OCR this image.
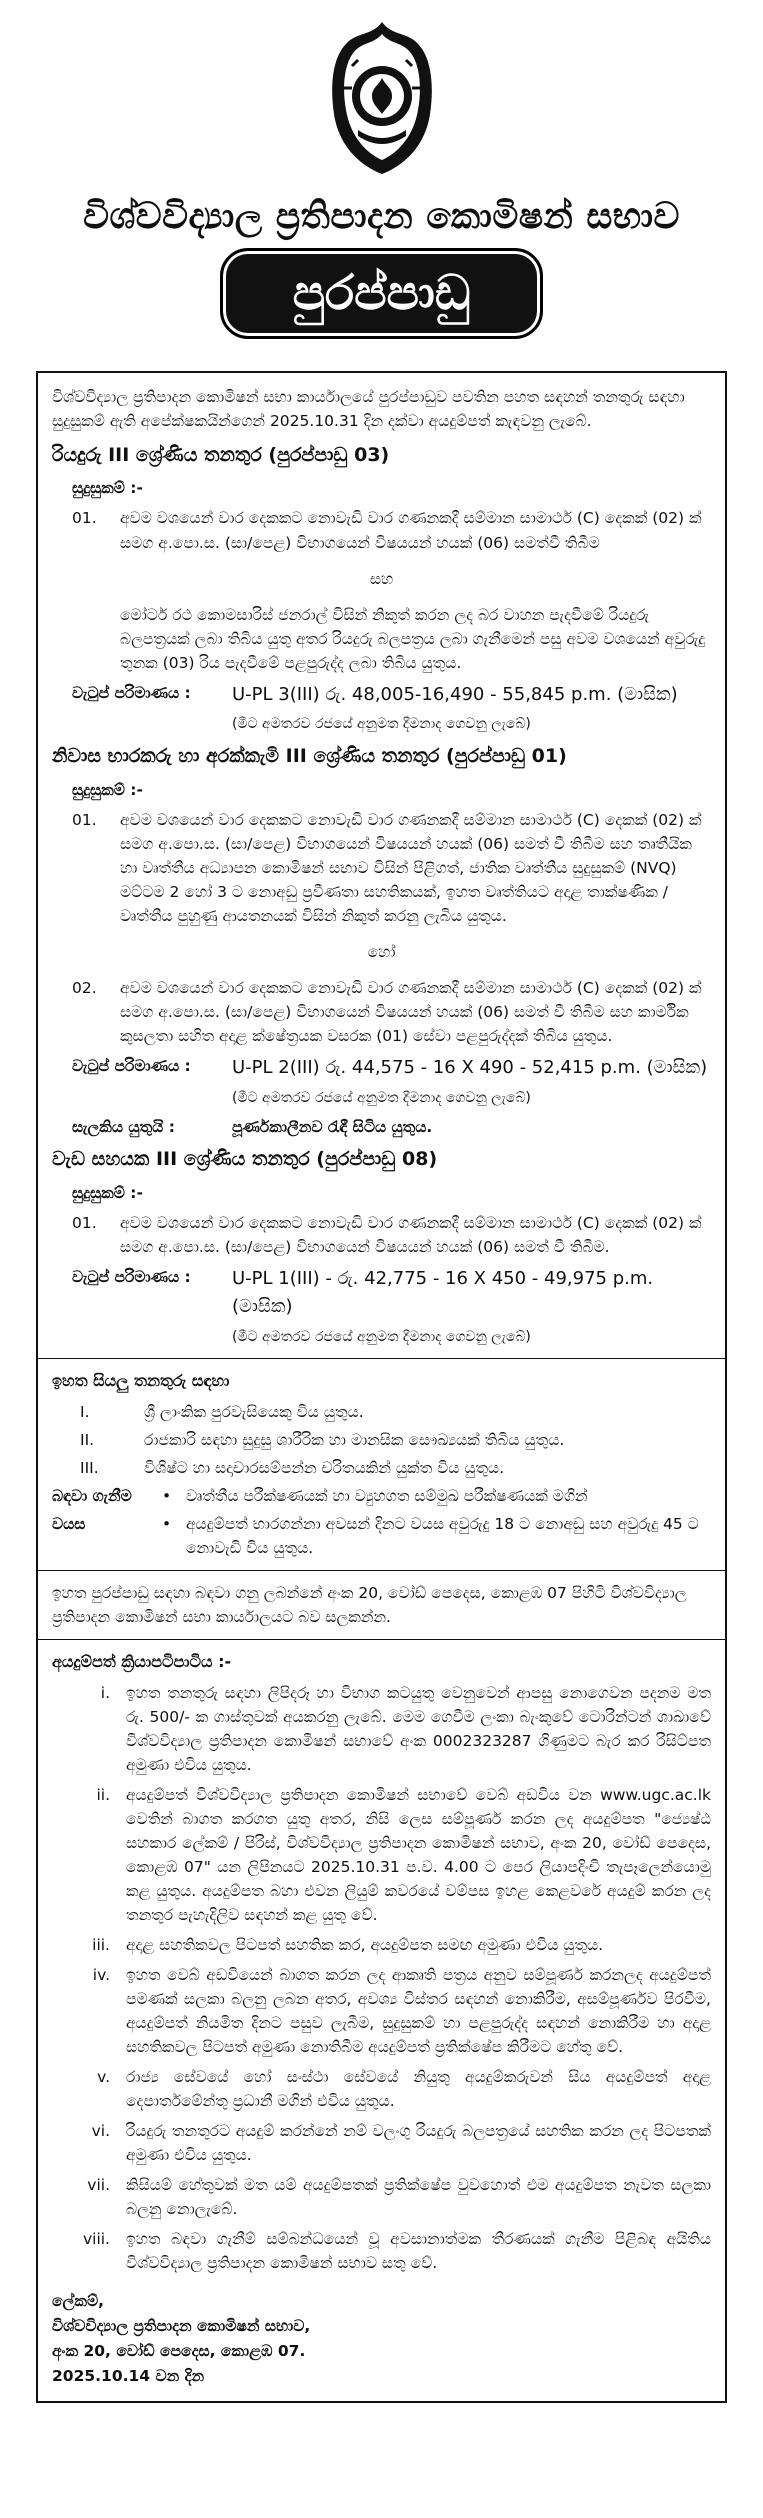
විශ්වවිද්‍යාල ප්‍රතිපාදන කොමිෂන් සභාව
පුරප්පාඩු

විශ්වවිද්‍යාල ප්‍රතිපාදන කොමිෂන් සභා කාර්යාලයේ පුරප්පාඩුව පවතින පහත සඳහන් තනතුරු සඳහා සුදුසුකම් ඇති අපේක්ෂකයින්ගෙන් 2025.10.31 දින දක්වා අයදුම්පත් කැඳවනු ලැබේ.

රියදුරු III ශ්‍රේණිය තනතුර (පුරප්පාඩු 03)
සුදුසුකම් :-
01.	අවම වශයෙන් වාර දෙකකට නොවැඩි වාර ගණනකදී සම්මාන සාමාර්ථ (C) දෙකක් (02) ක් සමග අ.පො.ස. (සා/පෙළ) විභාගයෙන් විෂයයන් හයක් (06) සමත්වී තිබීම
සහ
මෝටර් රථ කොමසාරිස් ජනරාල් විසින් නිකුත් කරන ලද බර වාහන පැදවීමේ රියදුරු බලපත්‍රයක් ලබා තිබිය යුතු අතර රියදුරු බලපත්‍රය ලබා ගැනීමෙන් පසු අවම වශයෙන් අවුරුදු තුනක (03) රිය පැදවීමේ පළපුරුද්ද ලබා තිබිය යුතුය.
වැටුප් පරිමාණය :	U-PL 3(III) රු. 48,005-16,490 - 55,845 p.m. (මාසික)
(මීට අමතරව රජයේ අනුමත දීමනාද ගෙවනු ලැබේ)
නිවාස භාරකරු හා අරක්කැමි III ශ්‍රේණිය තනතුර (පුරප්පාඩු 01)
සුදුසුකම් :-
01.	අවම වශයෙන් වාර දෙකකට නොවැඩි වාර ගණනකදී සම්මාන සාමාර්ථ (C) දෙකක් (02) ක් සමග අ.පො.ස. (සා/පෙළ) විභාගයෙන් විෂයයන් හයක් (06) සමත් වී තිබීම සහ තෘතීයික හා වෘත්තීය අධ්‍යාපන කොමිෂන් සභාව විසින් පිළිගත්, ජාතික වෘත්තීය සුදුසුකම් (NVQ) මට්ටම 2 හෝ 3 ට නොඅඩු ප්‍රවීණතා සහතිකයක්, ඉහත වෘත්තියට අදාළ තාක්ෂණික / වෘත්තීය පුහුණු ආයතනයක් විසින් නිකුත් කරනු ලැබිය යුතුය.
හෝ
02.	අවම වශයෙන් වාර දෙකකට නොවැඩි වාර ගණනකදී සම්මාන සාමාර්ථ (C) දෙකක් (02) ක් සමග අ.පො.ස. (සා/පෙළ) විභාගයෙන් විෂයයන් හයක් (06) සමත් වී තිබීම සහ කාර්මික කුසලතා සහිත අදාළ ක්ෂේත්‍රයක වසරක (01) සේවා පළපුරුද්දක් තිබිය යුතුය.
වැටුප් පරිමාණය :	U-PL 2(III) රු. 44,575 - 16 X 490 - 52,415 p.m. (මාසික)
(මීට අමතරව රජයේ අනුමත දීමනාද ගෙවනු ලැබේ)
සැලකිය යුතුයි :	පූර්ණකාලීනව රැඳී සිටිය යුතුය.
වැඩ සහයක III ශ්‍රේණිය තනතුර (පුරප්පාඩු 08)
සුදුසුකම් :-
01.	අවම වශයෙන් වාර දෙකකට නොවැඩි වාර ගණනකදී සම්මාන සාමාර්ථ (C) දෙකක් (02) ක් සමග අ.පො.ස. (සා/පෙළ) විභාගයෙන් විෂයයන් හයක් (06) සමත් වී තිබීම.
වැටුප් පරිමාණය :	U-PL 1(III) - රු. 42,775 - 16 X 450 - 49,975 p.m. (මාසික)
(මීට අමතරව රජයේ අනුමත දීමනාද ගෙවනු ලැබේ)
ඉහත සියලු තනතුරු සඳහා
I.	ශ්‍රී ලාංකික පුරවැසියෙකු විය යුතුය.
II.	රාජකාරි සඳහා සුදුසු ශාරීරික හා මානසික සෞඛ්‍යයක් තිබිය යුතුය.
III.	විශිෂ්ට හා සදාචාරසම්පන්න චරිතයකින් යුක්ත විය යුතුය.
බඳවා ගැනීම	• වෘත්තීය පරීක්ෂණයක් හා ව්‍යුහගත සම්මුඛ පරීක්ෂණයක් මගින්
වයස	• අයදුම්පත් භාරගන්නා අවසන් දිනට වයස අවුරුදු 18 ට නොඅඩු සහ අවුරුදු 45 ට නොවැඩි විය යුතුය.

ඉහත පුරප්පාඩු සඳහා බඳවා ගනු ලබන්නේ අංක 20, වෝඩ් පෙදෙස, කොළඹ 07 පිහිටි විශ්වවිද්‍යාල ප්‍රතිපාදන කොමිෂන් සභා කාර්යාලයට බව සලකන්න.

අයදුම්පත් ක්‍රියාපටිපාටිය :-
i.	ඉහත තනතුරු සඳහා ලිපිදරූ හා විභාග කටයුතු වෙනුවෙන් ආපසු නොගෙවන පදනම මත රු. 500/- ක ගාස්තුවක් අයකරනු ලැබේ. මෙම ගෙවීම ලංකා බැංකුවේ ටොරින්ටන් ශාඛාවේ විශ්වවිද්‍යාල ප්‍රතිපාදන කොමිෂන් සභාවේ අංක 0002323287 ගිණුමට බැර කර රිසිට්පත අමුණා එවිය යුතුය.
ii.	අයදුම්පත් විශ්වවිද්‍යාල ප්‍රතිපාදන කොමිෂන් සභාවේ වෙබ් අඩවිය වන www.ugc.ac.lk වෙතින් බාගත කරගත යුතු අතර, නිසි ලෙස සම්පූර්ණ කරන ලද අයදුම්පත "ජ්‍යෙෂ්ඨ සහකාර ලේකම් / පිරිස්, විශ්වවිද්‍යාල ප්‍රතිපාදන කොමිෂන් සභාව, අංක 20, වෝඩ් පෙදෙස, කොළඹ 07" යන ලිපිනයට 2025.10.31 ප.ව. 4.00 ට පෙර ලියාපදිංචි තැපෑලෙන්යොමු කළ යුතුය. අයදුම්පත බහා එවන ලියුම් කවරයේ වම්පස ඉහළ කෙළවරේ අයදුම් කරන ලද තනතුර පැහැදිලිව සඳහන් කළ යුතු වේ.
iii.	අදාළ සහතිකවල පිටපත් සහතික කර, අයදුම්පත සමඟ අමුණා එවිය යුතුය.
iv.	ඉහත වෙබ් අඩවියෙන් බාගත කරන ලද ආකෘති පත්‍රය අනුව සම්පූර්ණ කරනලද අයදුම්පත් පමණක් සලකා බලනු ලබන අතර, අවශ්‍ය විස්තර සඳහන් නොකිරීම, අසම්පූර්ණව පිරවීම, අයදුම්පත් නියමිත දිනට පසුව ලැබීම, සුදුසුකම් හා පළපුරුද්ද සඳහන් නොකිරීම හා අදාළ සහතිකවල පිටපත් අමුණා නොතිබීම අයදුම්පත් ප්‍රතික්ෂේප කිරීමට හේතු වේ.
v.	රාජ්‍ය සේවයේ හෝ සංස්ථා සේවයේ නියුතු අයදුම්කරුවන් සිය අයදුම්පත් අදාළ දෙපාර්තමේන්තු ප්‍රධානී මගින් එවිය යුතුය.
vi.	රියදුරු තනතුරට අයදුම් කරන්නේ නම් වලංගු රියදුරු බලපත්‍රයේ සහතික කරන ලද පිටපතක් අමුණා එවිය යුතුය.
vii.	කිසියම් හේතුවක් මත යම් අයදුම්පතක් ප්‍රතික්ෂේප වුවහොත් එම අයදුම්පත නැවත සලකා බලනු නොලැබේ.
viii.	ඉහත බඳවා ගැනීම් සම්බන්ධයෙන් වූ අවසානාත්මක තීරණයක් ගැනීම පිළිබඳ අයිතිය විශ්වවිද්‍යාල ප්‍රතිපාදන කොමිෂන් සභාව සතු වේ.
ලේකම්,
විශ්වවිද්‍යාල ප්‍රතිපාදන කොමිෂන් සභාව,
අංක 20, වෝඩ් පෙදෙස, කොළඹ 07.
2025.10.14 වන දින
